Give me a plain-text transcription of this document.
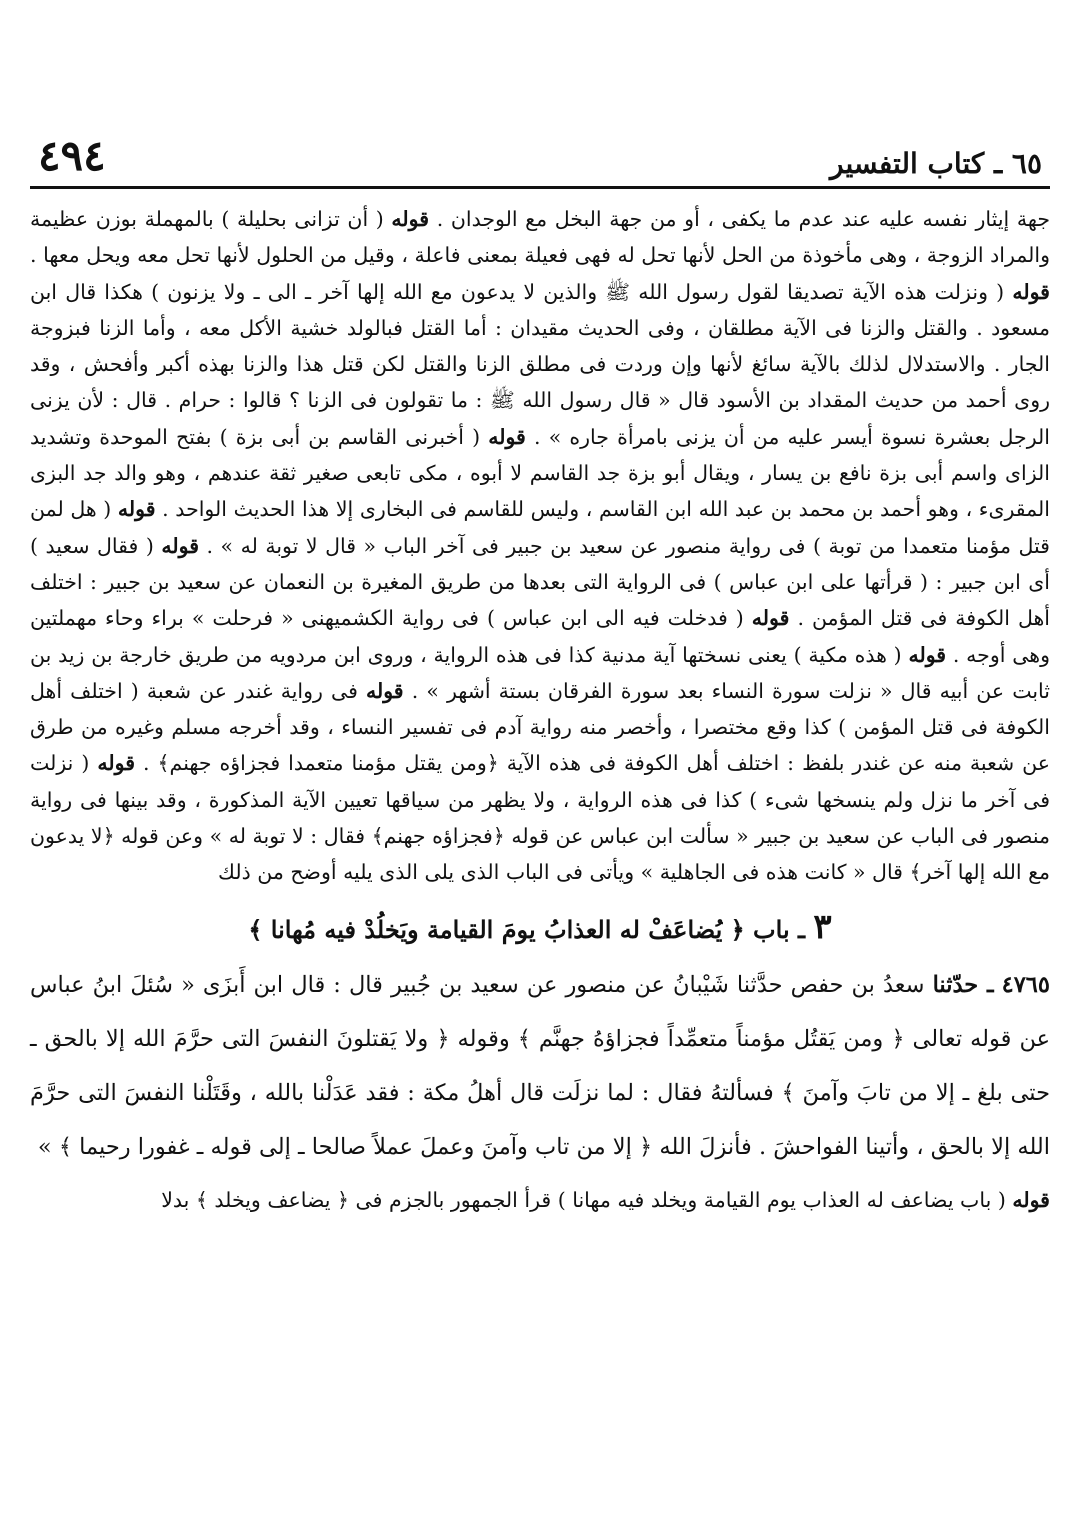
٦٥ ـ كتاب التفسير
٤٩٤

جهة إيثار نفسه عليه عند عدم ما يكفى ، أو من جهة البخل مع الوجدان . قوله ( أن تزانى بحليلة ) بالمهملة بوزن عظيمة والمراد الزوجة ، وهى مأخوذة من الحل لأنها تحل له فهى فعيلة بمعنى فاعلة ، وقيل من الحلول لأنها تحل معه ويحل معها . قوله ( ونزلت هذه الآية تصديقا لقول رسول الله ﷺ والذين لا يدعون مع الله إلها آخر ـ الى ـ ولا يزنون ) هكذا قال ابن مسعود . والقتل والزنا فى الآية مطلقان ، وفى الحديث مقيدان : أما القتل فبالولد خشية الأكل معه ، وأما الزنا فبزوجة الجار . والاستدلال لذلك بالآية سائغ لأنها وإن وردت فى مطلق الزنا والقتل لكن قتل هذا والزنا بهذه أكبر وأفحش ، وقد روى أحمد من حديث المقداد بن الأسود قال « قال رسول الله ﷺ : ما تقولون فى الزنا ؟ قالوا : حرام . قال : لأن يزنى الرجل بعشرة نسوة أيسر عليه من أن يزنى بامرأة جاره » . قوله ( أخبرنى القاسم بن أبى بزة ) بفتح الموحدة وتشديد الزاى واسم أبى بزة نافع بن يسار ، ويقال أبو بزة جد القاسم لا أبوه ، مكى تابعى صغير ثقة عندهم ، وهو والد جد البزى المقرىء ، وهو أحمد بن محمد بن عبد الله ابن القاسم ، وليس للقاسم فى البخارى إلا هذا الحديث الواحد . قوله ( هل لمن قتل مؤمنا متعمدا من توبة ) فى رواية منصور عن سعيد بن جبير فى آخر الباب « قال لا توبة له » . قوله ( فقال سعيد ) أى ابن جبير : ( قرأتها على ابن عباس ) فى الرواية التى بعدها من طريق المغيرة بن النعمان عن سعيد بن جبير : اختلف أهل الكوفة فى قتل المؤمن . قوله ( فدخلت فيه الى ابن عباس ) فى رواية الكشميهنى « فرحلت » براء وحاء مهملتين وهى أوجه . قوله ( هذه مكية ) يعنى نسختها آية مدنية كذا فى هذه الرواية ، وروى ابن مردويه من طريق خارجة بن زيد بن ثابت عن أبيه قال « نزلت سورة النساء بعد سورة الفرقان بستة أشهر » . قوله فى رواية غندر عن شعبة ( اختلف أهل الكوفة فى قتل المؤمن ) كذا وقع مختصرا ، وأخصر منه رواية آدم فى تفسير النساء ، وقد أخرجه مسلم وغيره من طرق عن شعبة منه عن غندر بلفظ : اختلف أهل الكوفة فى هذه الآية ﴿ومن يقتل مؤمنا متعمدا فجزاؤه جهنم﴾ . قوله ( نزلت فى آخر ما نزل ولم ينسخها شىء ) كذا فى هذه الرواية ، ولا يظهر من سياقها تعيين الآية المذكورة ، وقد بينها فى رواية منصور فى الباب عن سعيد بن جبير « سألت ابن عباس عن قوله ﴿فجزاؤه جهنم﴾ فقال : لا توبة له » وعن قوله ﴿لا يدعون مع الله إلها آخر﴾ قال « كانت هذه فى الجاهلية » ويأتى فى الباب الذى يلى الذى يليه أوضح من ذلك

٣ ـ باب ﴿ يُضاعَفْ له العذابُ يومَ القيامة ويَخلُدْ فيه مُهانا ﴾

٤٧٦٥ ـ حدّثنا سعدُ بن حفص حدَّثنا شَيْبانُ عن منصور عن سعيد بن جُبير قال : قال ابن أَبزَى « سُئلَ ابنُ عباس عن قوله تعالى ﴿ ومن يَقتُل مؤمناً متعمِّداً فجزاؤهُ جهنَّم ﴾ وقوله ﴿ ولا يَقتلونَ النفسَ التى حرَّمَ الله إلا بالحق ـ حتى بلغ ـ إلا من تابَ وآمنَ ﴾ فسألتهُ فقال : لما نزلَت قال أهلُ مكة : فقد عَدَلْنا بالله ، وقَتَلْنا النفسَ التى حرَّمَ الله إلا بالحق ، وأتينا الفواحشَ . فأنزلَ الله ﴿ إلا من تاب وآمنَ وعملَ عملاً صالحا ـ إلى قوله ـ غفورا رحيما ﴾ »

قوله ( باب يضاعف له العذاب يوم القيامة ويخلد فيه مهانا ) قرأ الجمهور بالجزم فى ﴿ يضاعف ويخلد ﴾ بدلا
